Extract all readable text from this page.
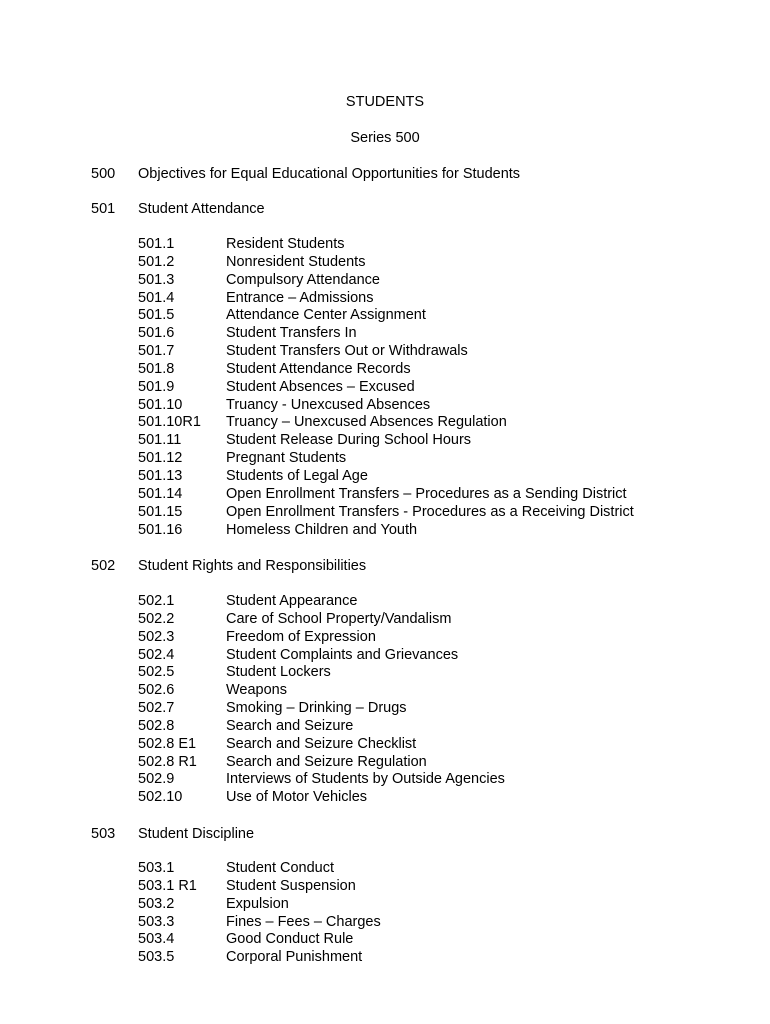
STUDENTS
Series 500
500 Objectives for Equal Educational Opportunities for Students
501 Student Attendance
501.1	Resident Students
501.2	Nonresident Students
501.3	Compulsory Attendance
501.4	Entrance – Admissions
501.5	Attendance Center Assignment
501.6	Student Transfers In
501.7	Student Transfers Out or Withdrawals
501.8	Student Attendance Records
501.9	Student Absences – Excused
501.10	Truancy - Unexcused Absences
501.10R1 Truancy – Unexcused Absences Regulation
501.11	Student Release During School Hours
501.12	Pregnant Students
501.13	Students of Legal Age
501.14	Open Enrollment Transfers – Procedures as a Sending District
501.15	Open Enrollment Transfers - Procedures as a Receiving District
501.16	Homeless Children and Youth
502 Student Rights and Responsibilities
502.1	Student Appearance
502.2	Care of School Property/Vandalism
502.3	Freedom of Expression
502.4	Student Complaints and Grievances
502.5	Student Lockers
502.6	Weapons
502.7	Smoking – Drinking – Drugs
502.8	Search and Seizure
502.8 E1 Search and Seizure Checklist
502.8 R1 Search and Seizure Regulation
502.9	Interviews of Students by Outside Agencies
502.10	Use of Motor Vehicles
503 Student Discipline
503.1	Student Conduct
503.1 R1 Student Suspension
503.2	Expulsion
503.3	Fines – Fees – Charges
503.4	Good Conduct Rule
503.5	Corporal Punishment
